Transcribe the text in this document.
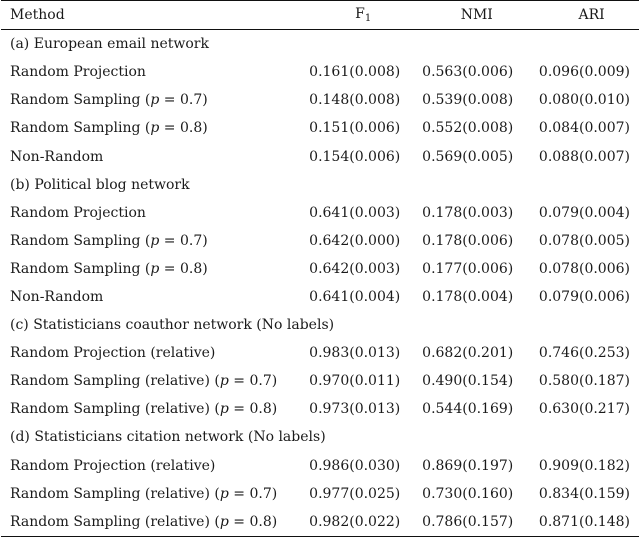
Method	$F_1$	NMI	ARI
(a) European email network			
Random Projection	0.161(0.008)	0.563(0.006)	0.096(0.009)
Random Sampling (p = 0.7)	0.148(0.008)	0.539(0.008)	0.080(0.010)
Random Sampling (p = 0.8)	0.151(0.006)	0.552(0.008)	0.084(0.007)
Non-Random	0.154(0.006)	0.569(0.005)	0.088(0.007)
(b) Political blog network			
Random Projection	0.641(0.003)	0.178(0.003)	0.079(0.004)
Random Sampling (p = 0.7)	0.642(0.000)	0.178(0.006)	0.078(0.005)
Random Sampling (p = 0.8)	0.642(0.003)	0.177(0.006)	0.078(0.006)
Non-Random	0.641(0.004)	0.178(0.004)	0.079(0.006)
(c) Statisticians coauthor network (No labels)			
Random Projection (relative)	0.983(0.013)	0.682(0.201)	0.746(0.253)
Random Sampling (relative) (p = 0.7)	0.970(0.011)	0.490(0.154)	0.580(0.187)
Random Sampling (relative) (p = 0.8)	0.973(0.013)	0.544(0.169)	0.630(0.217)
(d) Statisticians citation network (No labels)			
Random Projection (relative)	0.986(0.030)	0.869(0.197)	0.909(0.182)
Random Sampling (relative) (p = 0.7)	0.977(0.025)	0.730(0.160)	0.834(0.159)
Random Sampling (relative) (p = 0.8)	0.982(0.022)	0.786(0.157)	0.871(0.148)
